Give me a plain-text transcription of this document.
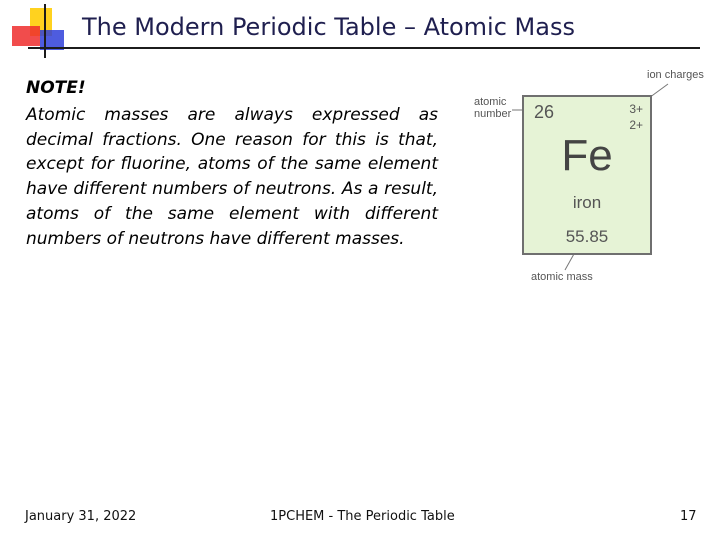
The Modern Periodic Table – Atomic Mass
NOTE!
Atomic masses are always expressed as decimal fractions. One reason for this is that, except for fluorine, atoms of the same element have different numbers of neutrons. As a result, atoms of the same element with different numbers of neutrons have different masses.
atomic number
ion charges
atomic mass
26	3+
2+
Fe
iron
55.85
January 31, 2022	1PCHEM - The Periodic Table	17
